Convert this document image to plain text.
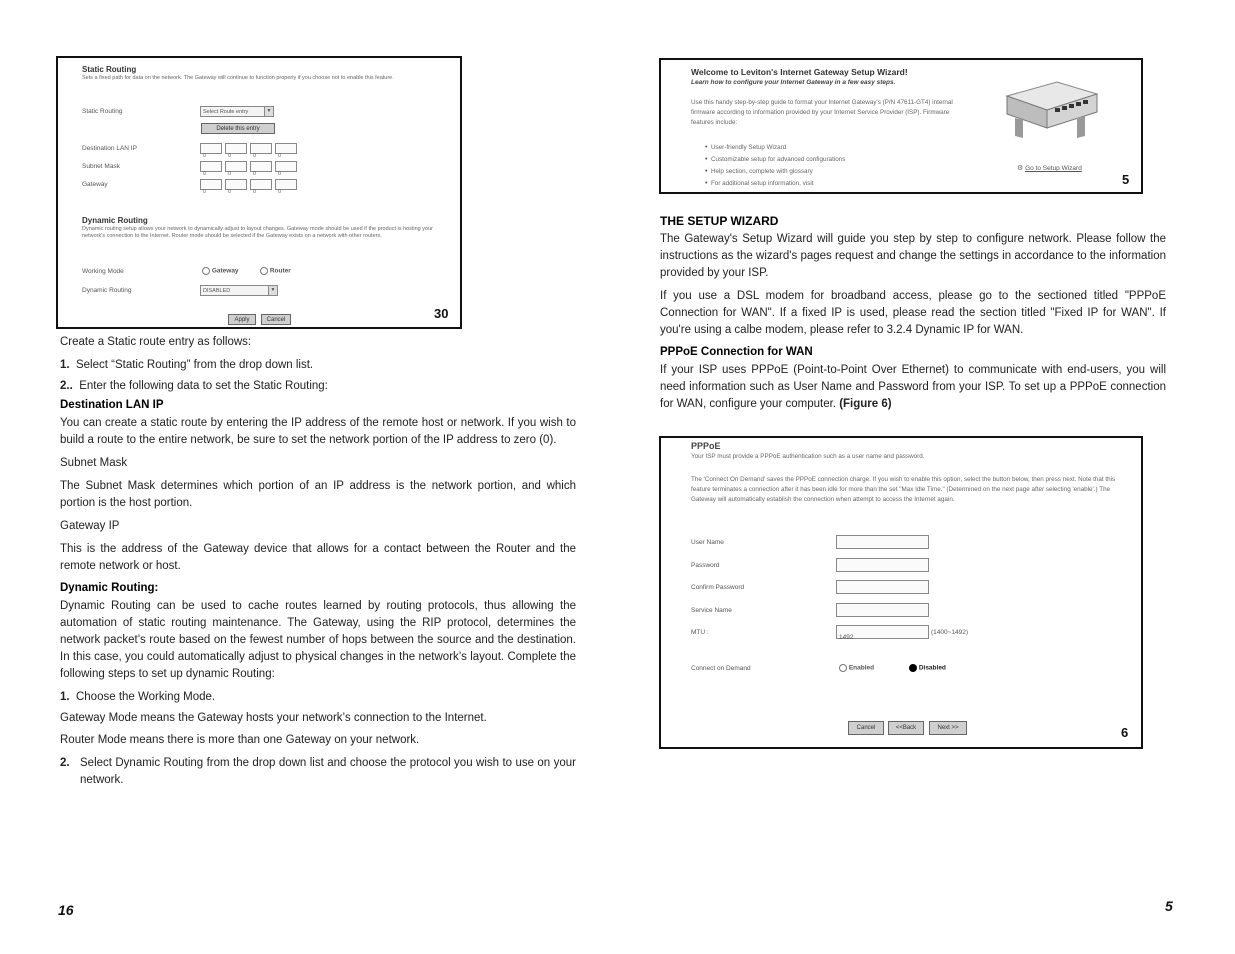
Static Routing
Sets a fixed path for data on the network. The Gateway will continue to function properly if you choose not to enable this feature.
Static Routing	Select Route entry	▼
Delete this entry
Destination LAN IP
0	0	0	0
Subnet Mask
0	0	0	0
Gateway
0	0	0	0
Dynamic Routing
Dynamic routing setup allows your network to dynamically adjust to layout changes. Gateway mode should be used if the product is hosting your network's connection to the Internet. Router mode should be selected if the Gateway exists on a network with other routers.
Working Mode	Gateway	Router
Dynamic Routing	DISABLED	▼
Apply	Cancel	30
Create a Static route entry as follows:
1. Select “Static Routing” from the drop down list.
2.. Enter the following data to set the Static Routing:
Destination LAN IP
You can create a static route by entering the IP address of the remote host or network. If you wish to build a route to the entire network, be sure to set the network portion of the IP address to zero (0).
Subnet Mask
The Subnet Mask determines which portion of an IP address is the network portion, and which portion is the host portion.
Gateway IP
This is the address of the Gateway device that allows for a contact between the Router and the remote network or host.
Dynamic Routing:
Dynamic Routing can be used to cache routes learned by routing protocols, thus allowing the automation of static routing maintenance. The Gateway, using the RIP protocol, determines the network packet’s route based on the fewest number of hops between the source and the destination. In this case, you could automatically adjust to physical changes in the network’s layout. Complete the following steps to set up dynamic Routing:
1. Choose the Working Mode.
Gateway Mode means the Gateway hosts your network’s connection to the Internet.
Router Mode means there is more than one Gateway on your network.
2. Select Dynamic Routing from the drop down list and choose the protocol you wish to use on your network.
16
Welcome to Leviton's Internet Gateway Setup Wizard!
Learn how to configure your Internet Gateway in a few easy steps.
Use this handy step-by-step guide to format your Internet Gateway's (P/N 47611-GT4) internal firmware according to information provided by your Internet Service Provider (ISP). Firmware features include:
• User-friendly Setup Wizard
• Customizable setup for advanced configurations
• Help section, complete with glossary
• For additional setup information, visit
⚙ Go to Setup Wizard
5
THE SETUP WIZARD
The Gateway's Setup Wizard will guide you step by step to configure network. Please follow the instructions as the wizard's pages request and change the settings in accordance to the information provided by your ISP.
If you use a DSL modem for broadband access, please go to the sectioned titled "PPPoE Connection for WAN". If a fixed IP is used, please read the section titled "Fixed IP for WAN". If you're using a calbe modem, please refer to 3.2.4 Dynamic IP for WAN.
PPPoE Connection for WAN
If your ISP uses PPPoE (Point-to-Point Over Ethernet) to communicate with end-users, you will need information such as User Name and Password from your ISP. To set up a PPPoE connection for WAN, configure your computer. (Figure 6)
PPPoE
Your ISP must provide a PPPoE authentication such as a user name and password.
The 'Connect On Demand' saves the PPPoE connection charge. If you wish to enable this option, select the button below, then press next. Note that this feature terminates a connection after it has been idle for more than the set "Max Idle Time." (Determined on the next page after selecting 'enable'.) The Gateway will automatically establish the connection when attempt to access the Internet again.
User Name
Password
Confirm Password
Service Name
MTU :
1492
(1400~1492)
Connect on Demand	Enabled	Disabled
Cancel	<<Back	Next >>	6
5
